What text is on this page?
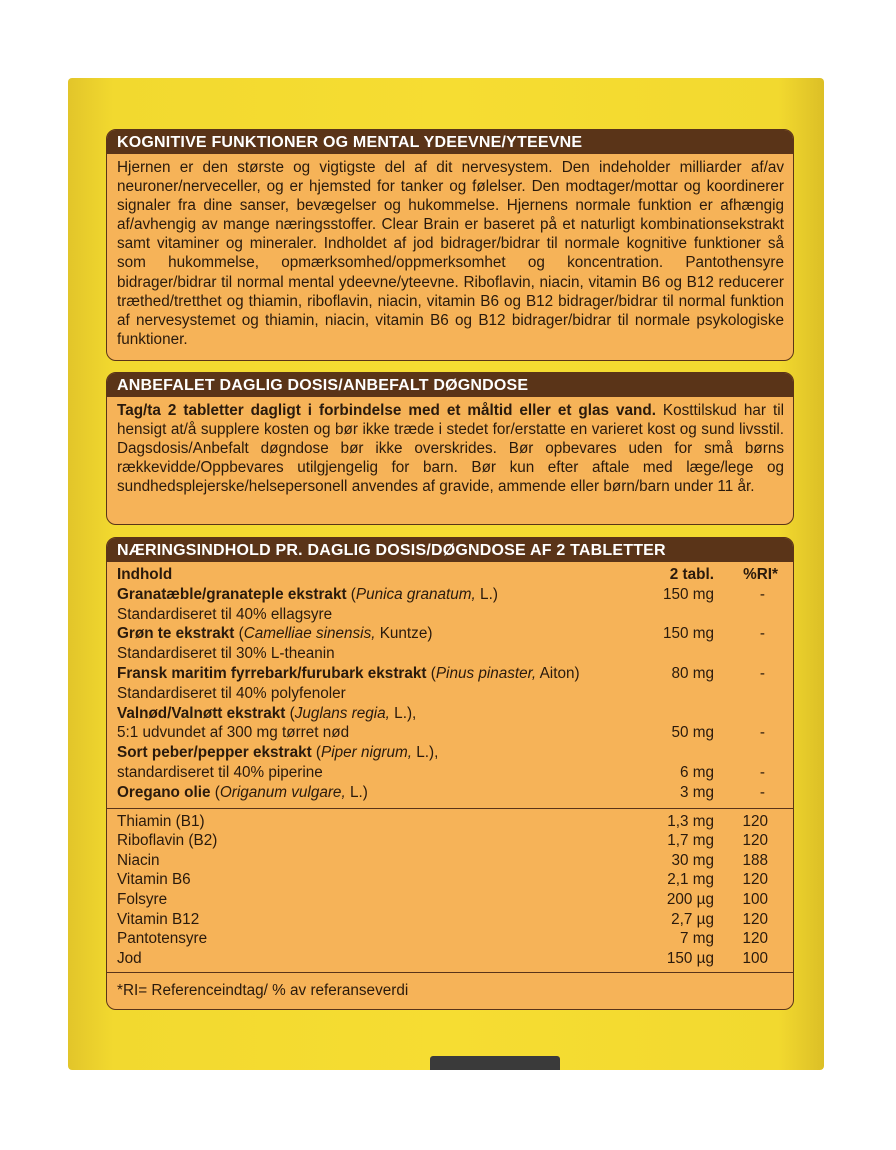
KOGNITIVE FUNKTIONER OG MENTAL YDEEVNE/YTEEVNE
Hjernen er den største og vigtigste del af dit nervesystem. Den indeholder milliarder af/av neuroner/nerveceller, og er hjemsted for tanker og følelser. Den modtager/mottar og koordinerer signaler fra dine sanser, bevægelser og hukommelse. Hjernens normale funktion er afhængig af/avhengig av mange næringsstoffer. Clear Brain er baseret på et naturligt kombinationsekstrakt samt vitaminer og mineraler. Indholdet af jod bidrager/bidrar til normale kognitive funktioner så som hukommelse, opmærksomhed/oppmerksomhet og koncentration. Pantothensyre bidrager/bidrar til normal mental ydeevne/yteevne. Riboflavin, niacin, vitamin B6 og B12 reducerer træthed/tretthet og thiamin, riboflavin, niacin, vitamin B6 og B12 bidrager/bidrar til normal funktion af nervesystemet og thiamin, niacin, vitamin B6 og B12 bidrager/bidrar til normale psykologiske funktioner.
ANBEFALET DAGLIG DOSIS/ANBEFALT DØGNDOSE
Tag/ta 2 tabletter dagligt i forbindelse med et måltid eller et glas vand. Kosttilskud har til hensigt at/å supplere kosten og bør ikke træde i stedet for/erstatte en varieret kost og sund livsstil. Dagsdosis/Anbefalt døgndose bør ikke overskrides. Bør opbevares uden for små børns rækkevidde/Oppbevares utilgjengelig for barn. Bør kun efter aftale med læge/lege og sundhedsplejerske/helsepersonell anvendes af gravide, ammende eller børn/barn under 11 år.
NÆRINGSINDHOLD PR. DAGLIG DOSIS/DØGNDOSE AF 2 TABLETTER
Indhold	2 tabl.	%RI*
Granatæble/granateple ekstrakt (Punica granatum, L.)	150 mg	-
Standardiseret til 40% ellagsyre
Grøn te ekstrakt (Camelliae sinensis, Kuntze)	150 mg	-
Standardiseret til 30% L-theanin
Fransk maritim fyrrebark/furubark ekstrakt (Pinus pinaster, Aiton)	80 mg	-
Standardiseret til 40% polyfenoler
Valnød/Valnøtt ekstrakt (Juglans regia, L.),
5:1 udvundet af 300 mg tørret nød	50 mg	-
Sort peber/pepper ekstrakt (Piper nigrum, L.),
standardiseret til 40% piperine	6 mg	-
Oregano olie (Origanum vulgare, L.)	3 mg	-
Thiamin (B1)	1,3 mg	120
Riboflavin (B2)	1,7 mg	120
Niacin	30 mg	188
Vitamin B6	2,1 mg	120
Folsyre	200 µg	100
Vitamin B12	2,7 µg	120
Pantotensyre	7 mg	120
Jod	150 µg	100
*RI= Referenceindtag/ % av referanseverdi
